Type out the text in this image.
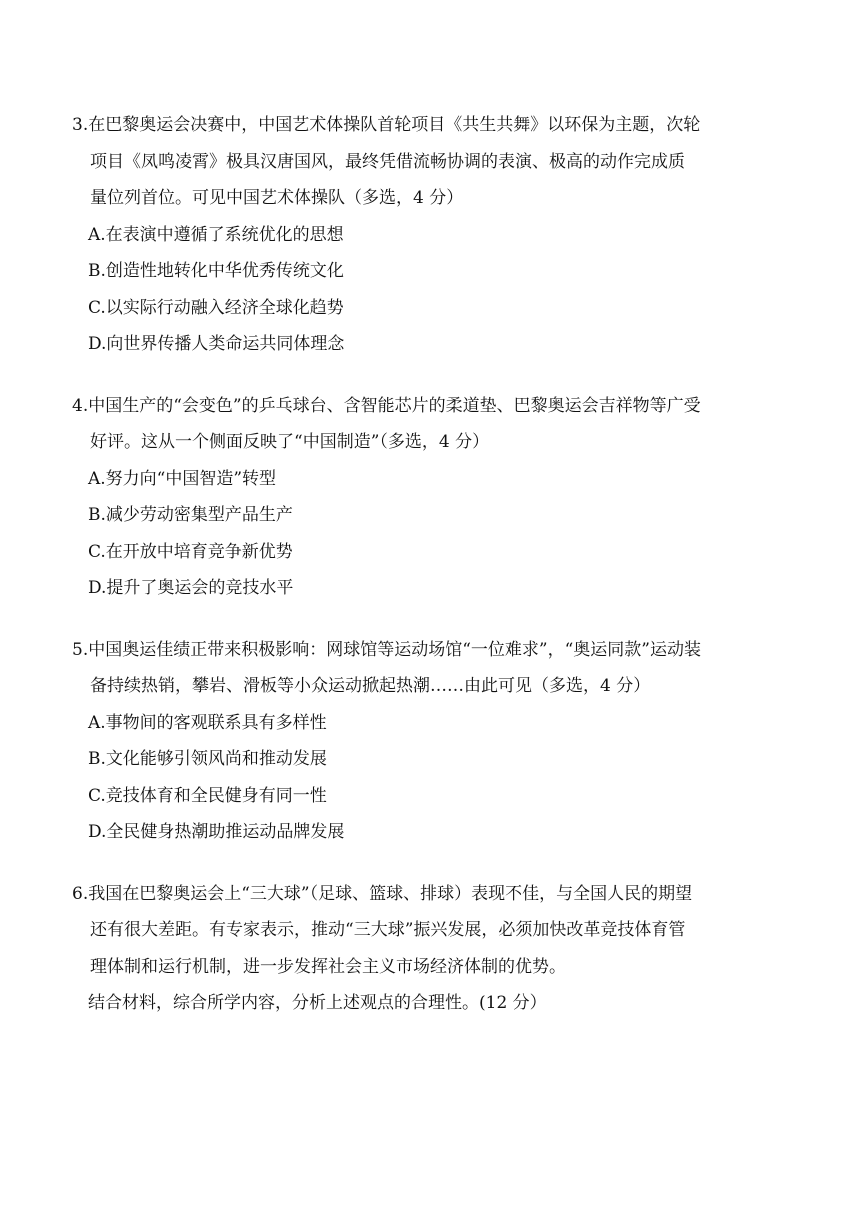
3.在巴黎奥运会决赛中，中国艺术体操队首轮项目《共生共舞》以环保为主题，次轮
项目《凤鸣凌霄》极具汉唐国风，最终凭借流畅协调的表演、极高的动作完成质
量位列首位。可见中国艺术体操队（多选，4 分）
A.在表演中遵循了系统优化的思想
B.创造性地转化中华优秀传统文化
C.以实际行动融入经济全球化趋势
D.向世界传播人类命运共同体理念
4.中国生产的“会变色”的乒乓球台、含智能芯片的柔道垫、巴黎奥运会吉祥物等广受
好评。这从一个侧面反映了“中国制造”（多选，4 分）
A.努力向“中国智造”转型
B.减少劳动密集型产品生产
C.在开放中培育竞争新优势
D.提升了奥运会的竞技水平
5.中国奥运佳绩正带来积极影响：网球馆等运动场馆“一位难求”，“奥运同款”运动装
备持续热销，攀岩、滑板等小众运动掀起热潮……由此可见（多选，4 分）
A.事物间的客观联系具有多样性
B.文化能够引领风尚和推动发展
C.竞技体育和全民健身有同一性
D.全民健身热潮助推运动品牌发展
6.我国在巴黎奥运会上“三大球”（足球、篮球、排球）表现不佳，与全国人民的期望
还有很大差距。有专家表示，推动“三大球”振兴发展，必须加快改革竞技体育管
理体制和运行机制，进一步发挥社会主义市场经济体制的优势。
结合材料，综合所学内容，分析上述观点的合理性。(12 分）
